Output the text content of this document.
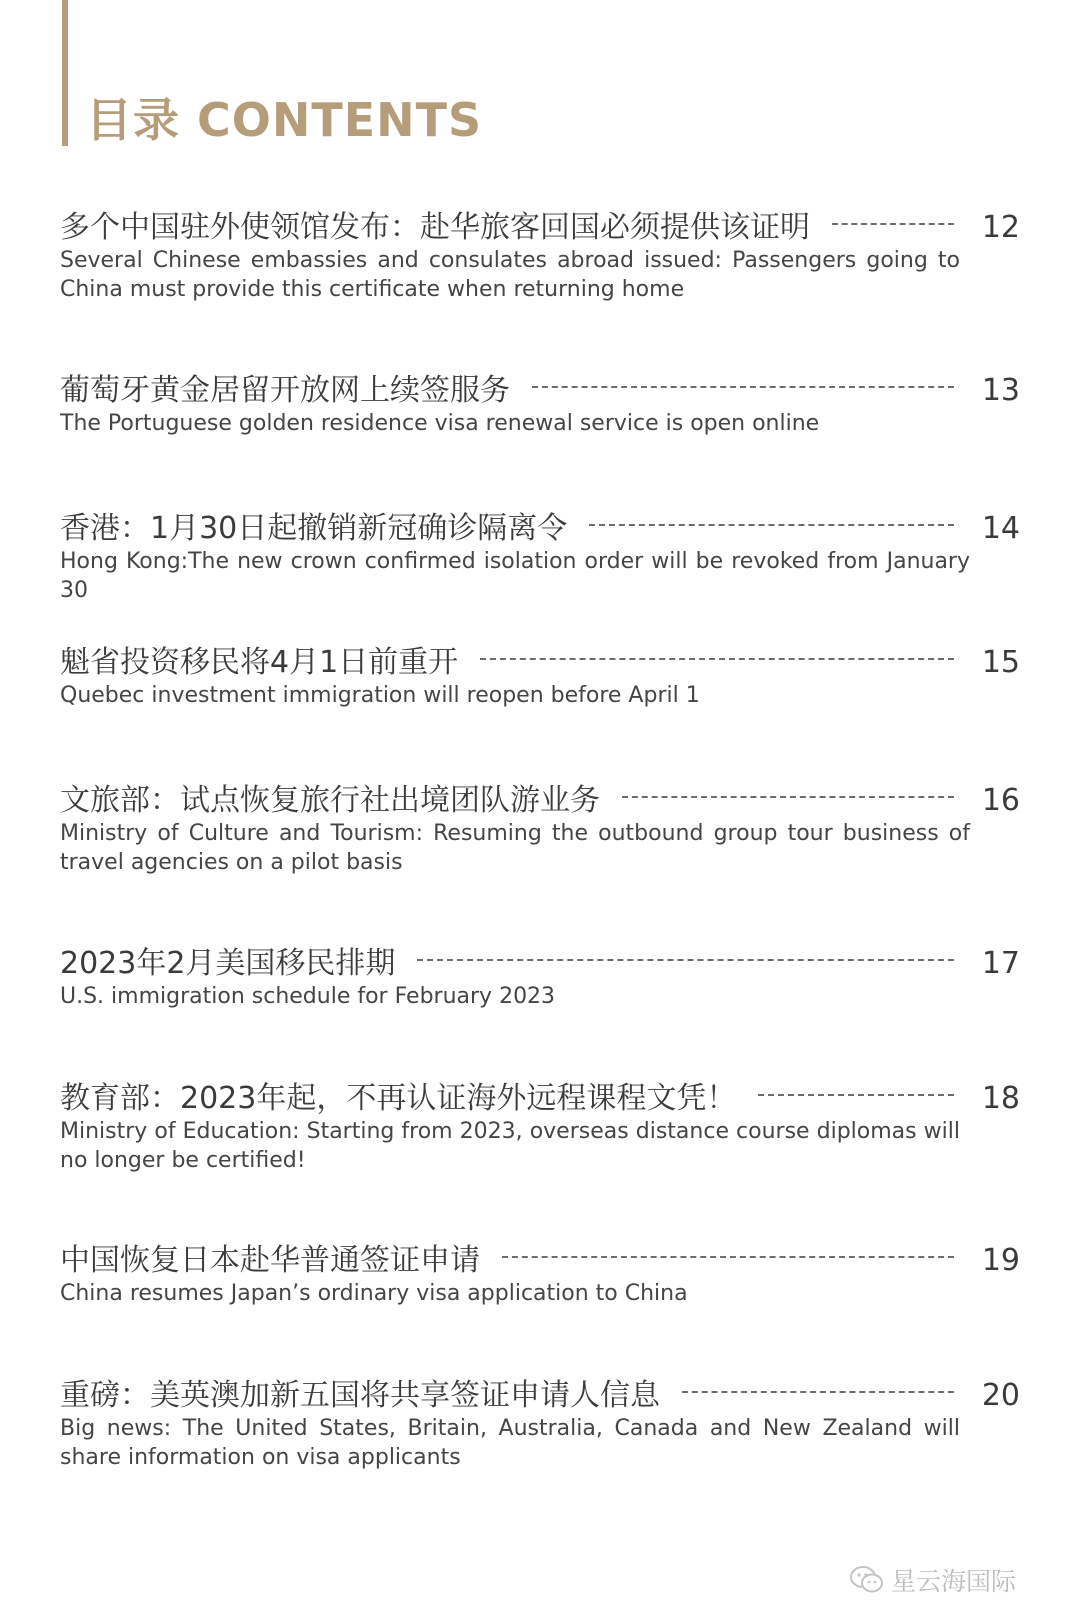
目录 CONTENTS
多个中国驻外使领馆发布：赴华旅客回国必须提供该证明	12
Several Chinese embassies and consulates abroad issued: Passengers going to China must provide this certificate when returning home
葡萄牙黄金居留开放网上续签服务	13
The Portuguese golden residence visa renewal service is open online
香港：1月30日起撤销新冠确诊隔离令	14
Hong Kong:The new crown confirmed isolation order will be revoked from January 30
魁省投资移民将4月1日前重开	15
Quebec investment immigration will reopen before April 1
文旅部：试点恢复旅行社出境团队游业务	16
Ministry of Culture and Tourism: Resuming the outbound group tour business of travel agencies on a pilot basis
2023年2月美国移民排期	17
U.S. immigration schedule for February 2023
教育部：2023年起，不再认证海外远程课程文凭！	18
Ministry of Education: Starting from 2023, overseas distance course diplomas will no longer be certified!
中国恢复日本赴华普通签证申请	19
China resumes Japan’s ordinary visa application to China
重磅：美英澳加新五国将共享签证申请人信息	20
Big news: The United States, Britain, Australia, Canada and New Zealand will share information on visa applicants
星云海国际
